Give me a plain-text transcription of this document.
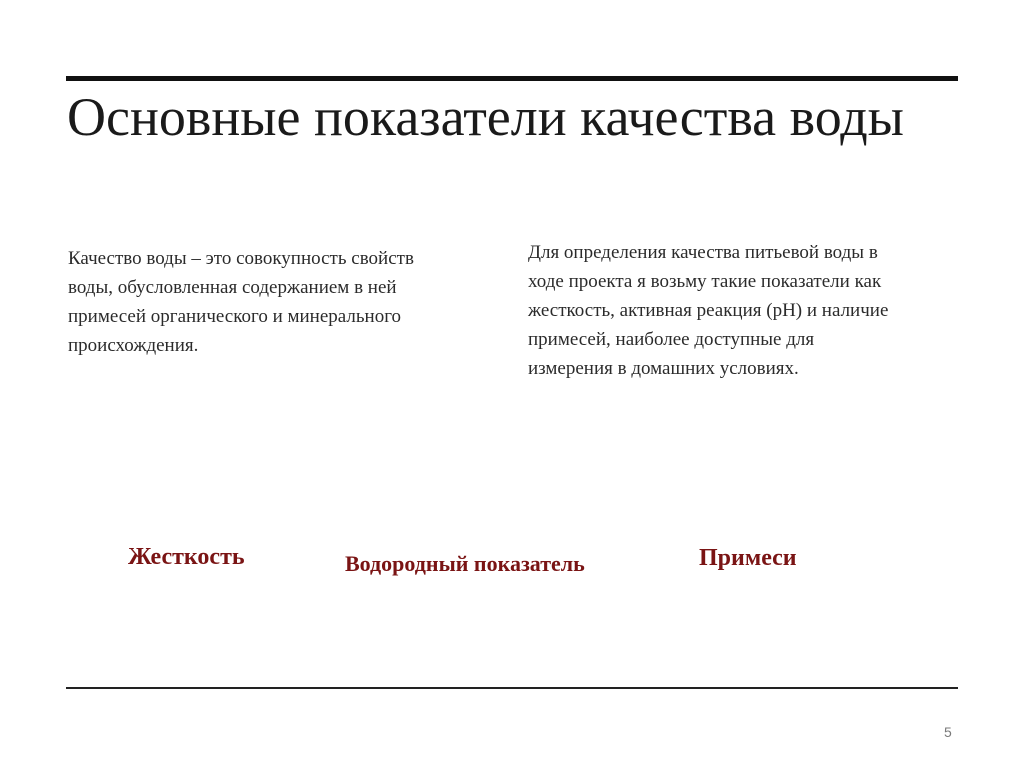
Основные показатели качества воды

Качество воды – это совокупность свойств воды, обусловленная содержанием в ней примесей органического и минерального происхождения.

Для определения качества питьевой воды в ходе проекта я возьму такие показатели как жесткость, активная реакция (рН) и наличие примесей, наиболее доступные для измерения в домашних условиях.

Жесткость	Водородный показатель	Примеси
5
